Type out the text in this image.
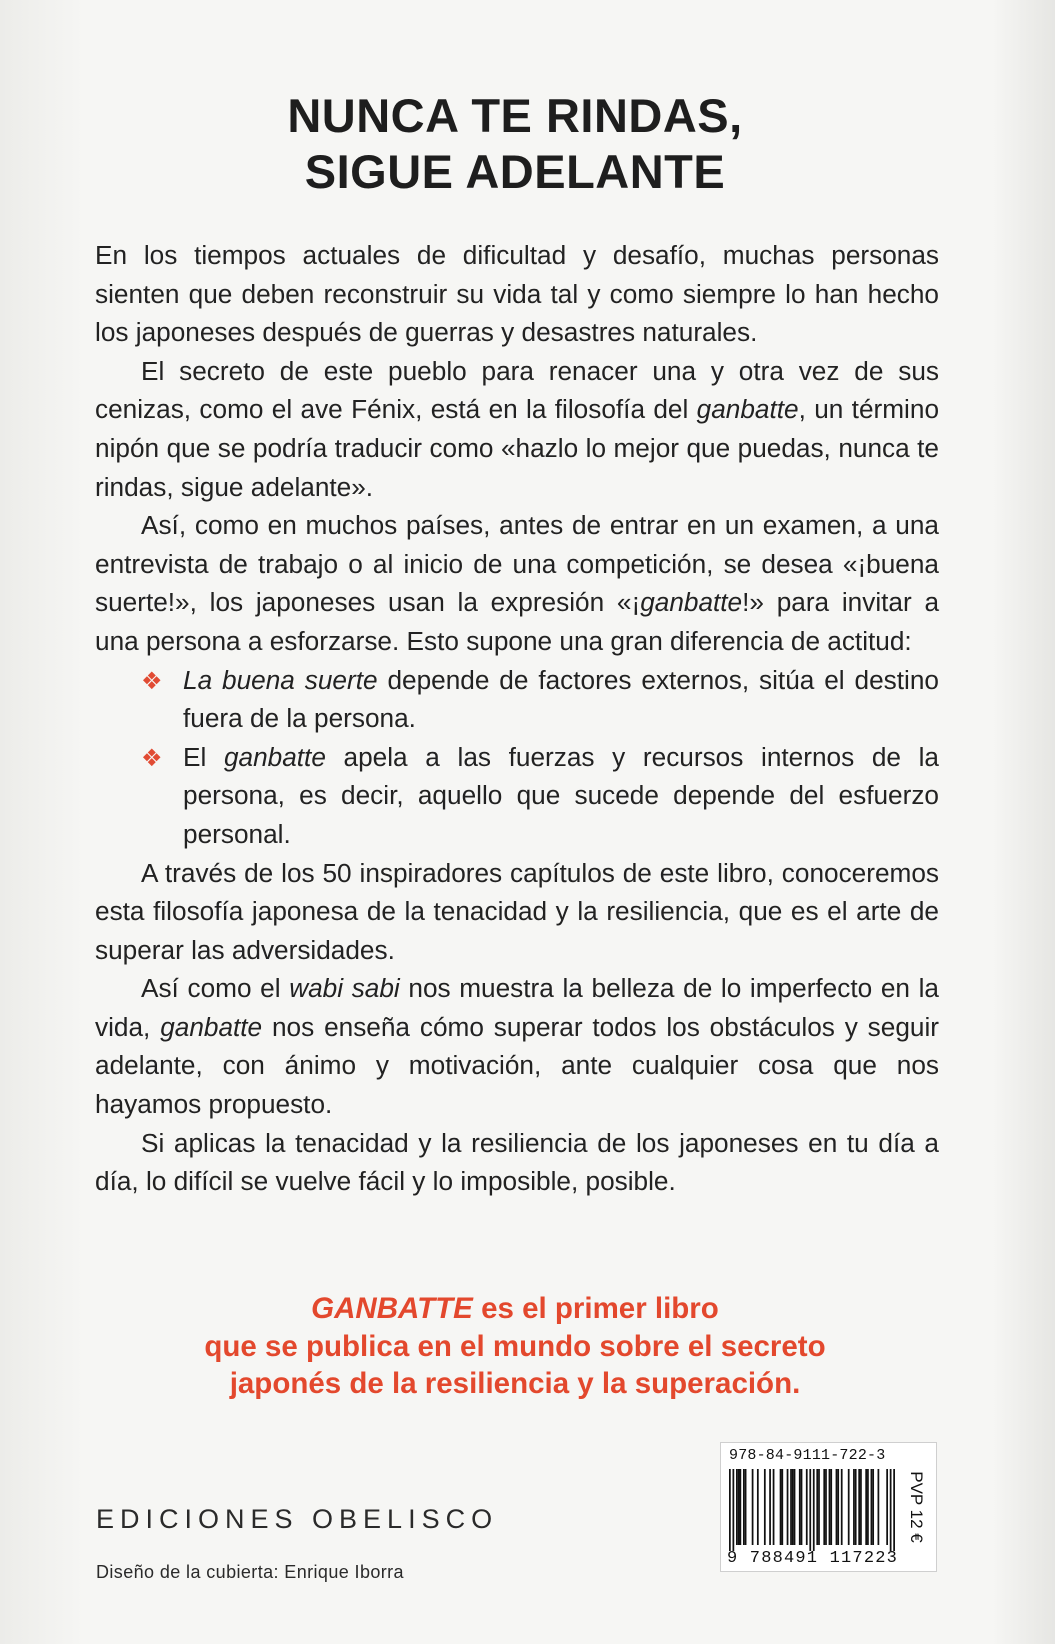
NUNCA TE RINDAS,
SIGUE ADELANTE

En los tiempos actuales de dificultad y desafío, muchas personas sienten que deben reconstruir su vida tal y como siempre lo han hecho los japoneses después de guerras y desastres naturales.

El secreto de este pueblo para renacer una y otra vez de sus cenizas, como el ave Fénix, está en la filosofía del ganbatte, un término nipón que se podría traducir como «hazlo lo mejor que puedas, nunca te rindas, sigue adelante».

Así, como en muchos países, antes de entrar en un examen, a una entrevista de trabajo o al inicio de una competición, se desea «¡buena suerte!», los japoneses usan la expresión «¡ganbatte!» para invitar a una persona a esforzarse. Esto supone una gran diferencia de actitud:

❖ La buena suerte depende de factores externos, sitúa el destino fuera de la persona.
❖ El ganbatte apela a las fuerzas y recursos internos de la persona, es decir, aquello que sucede depende del esfuerzo personal.

A través de los 50 inspiradores capítulos de este libro, conoceremos esta filosofía japonesa de la tenacidad y la resiliencia, que es el arte de superar las adversidades.

Así como el wabi sabi nos muestra la belleza de lo imperfecto en la vida, ganbatte nos enseña cómo superar todos los obstáculos y seguir adelante, con ánimo y motivación, ante cualquier cosa que nos hayamos propuesto.

Si aplicas la tenacidad y la resiliencia de los japoneses en tu día a día, lo difícil se vuelve fácil y lo imposible, posible.

GANBATTE es el primer libro
que se publica en el mundo sobre el secreto
japonés de la resiliencia y la superación.
EDICIONES OBELISCO
Diseño de la cubierta: Enrique Iborra
978-84-9111-722-3
9 788491 117223
PVP 12 €
